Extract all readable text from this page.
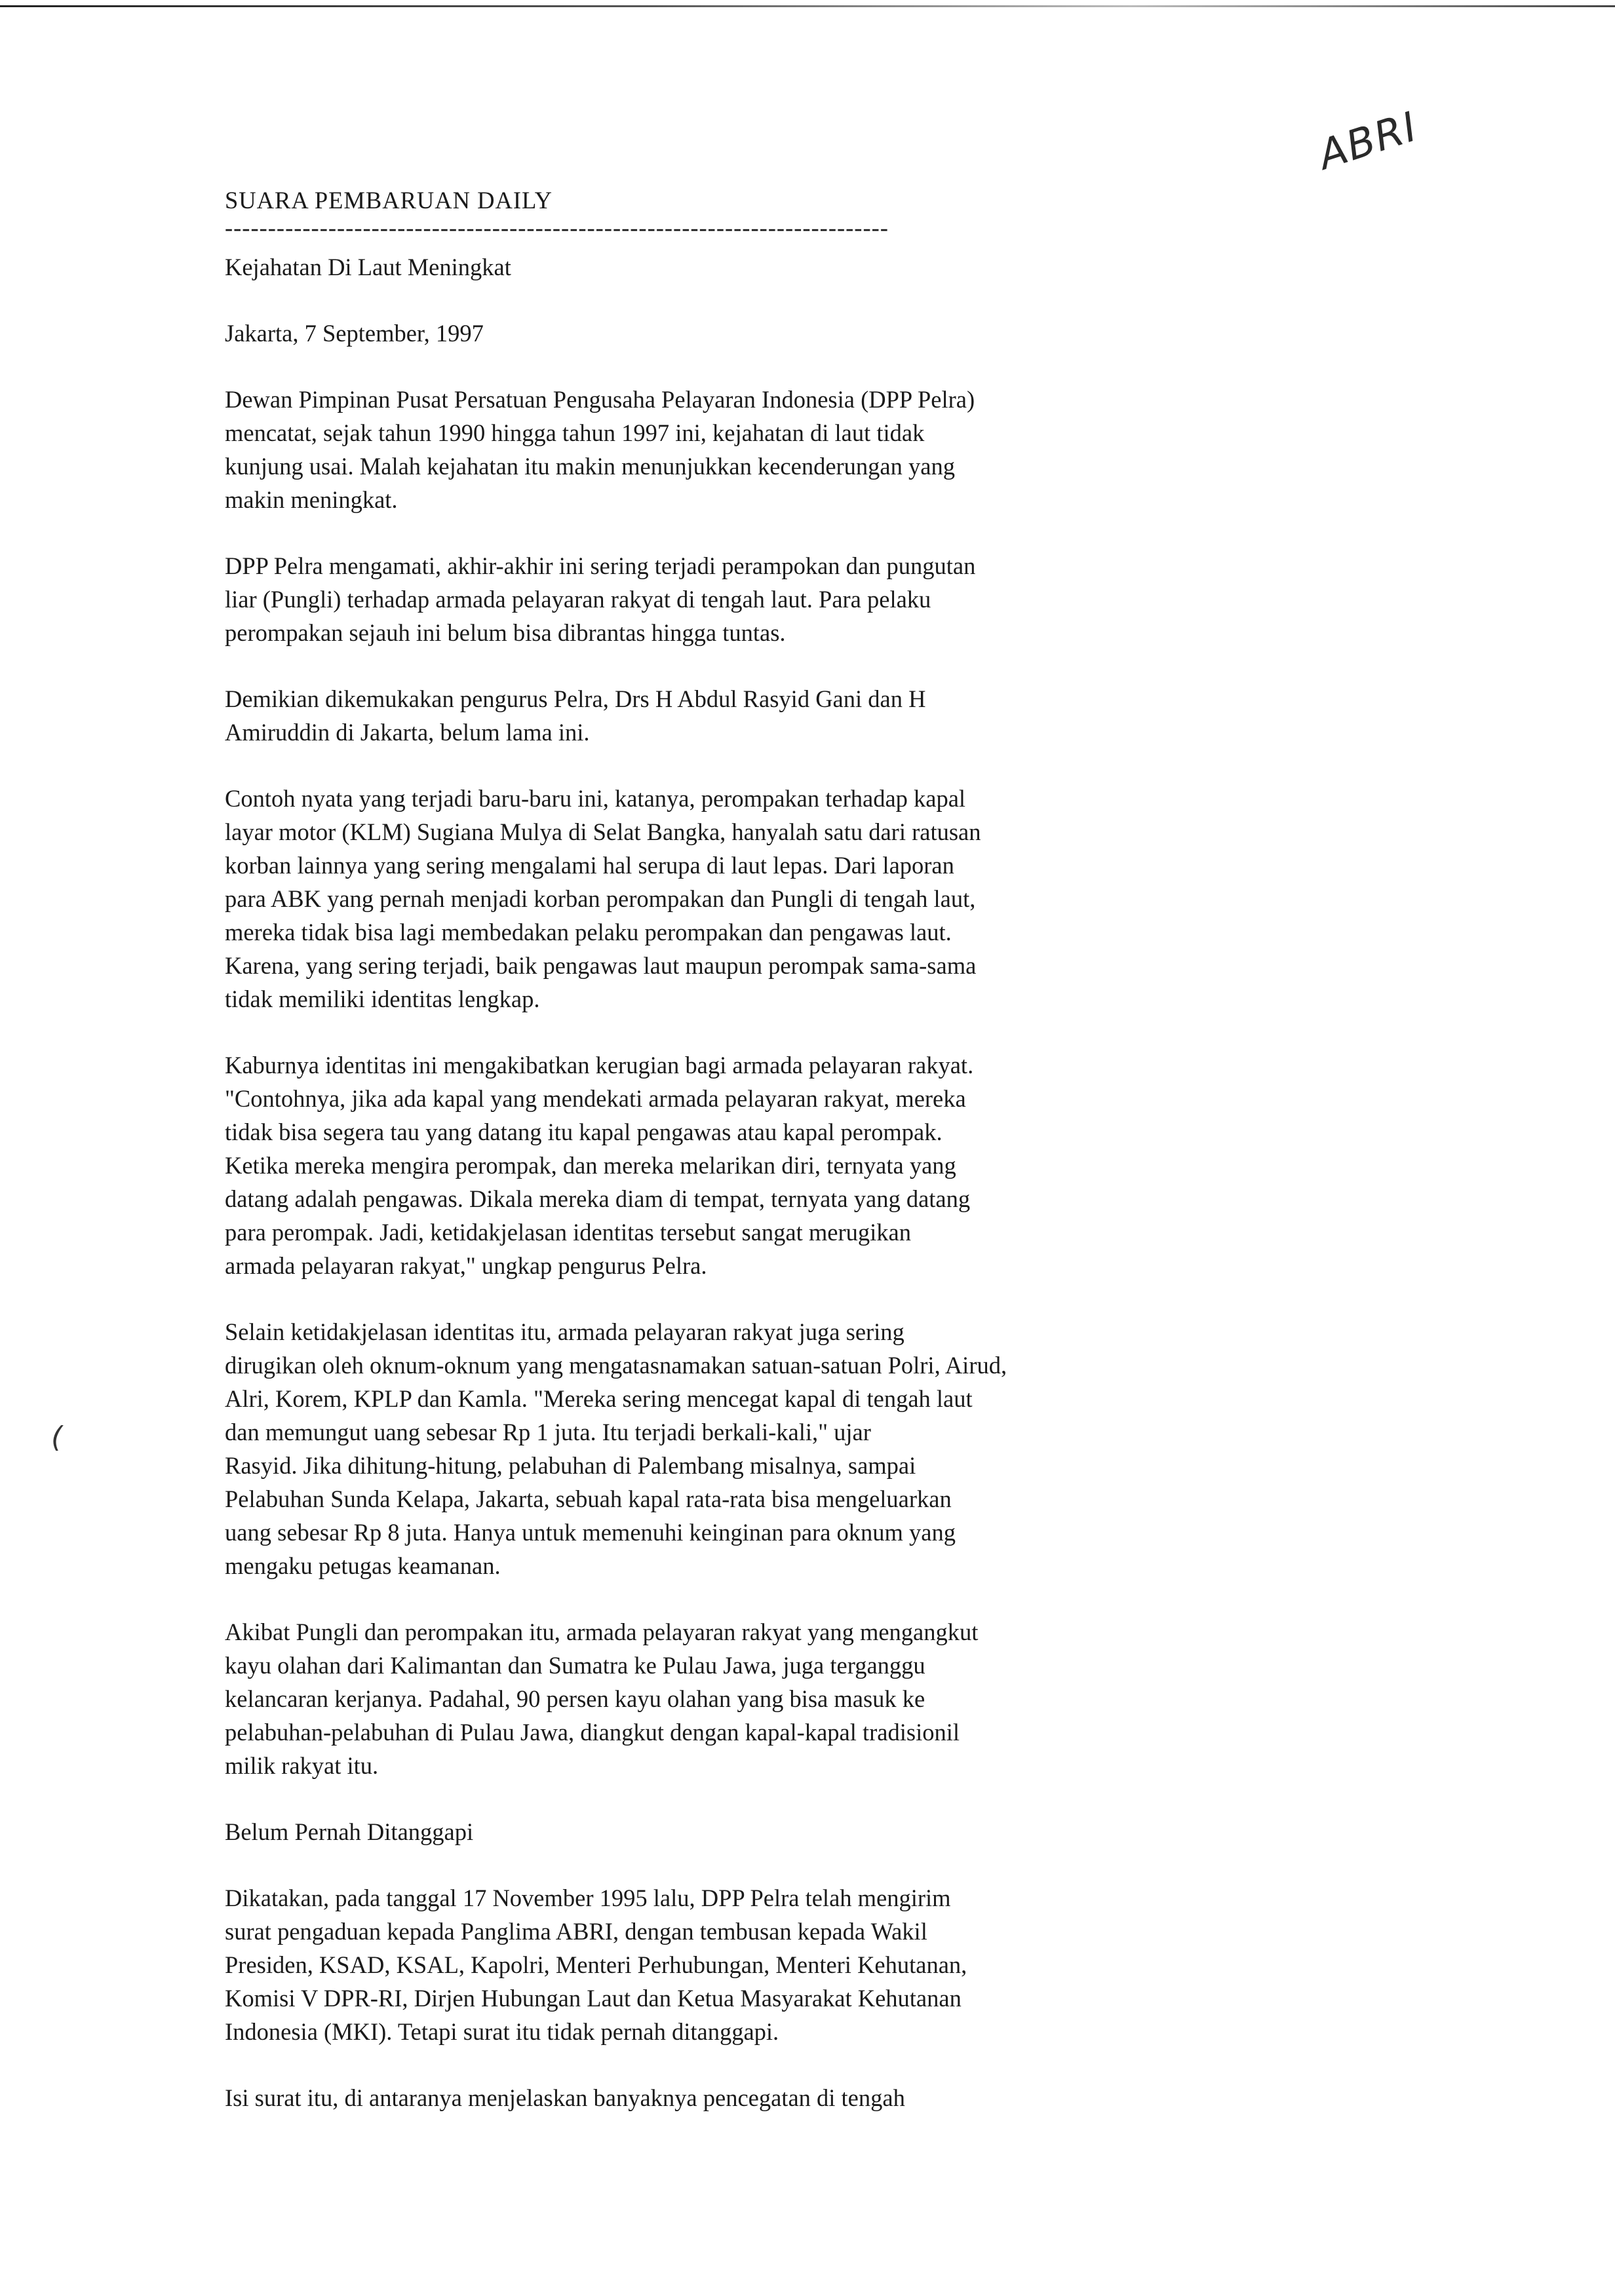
ABRI
(
SUARA PEMBARUAN DAILY
-----------------------------------------------------------------------------
Kejahatan Di Laut Meningkat
Jakarta, 7 September, 1997

Dewan Pimpinan Pusat Persatuan Pengusaha Pelayaran Indonesia (DPP Pelra)
mencatat, sejak tahun 1990 hingga tahun 1997 ini, kejahatan di laut tidak
kunjung usai. Malah kejahatan itu makin menunjukkan kecenderungan yang
makin meningkat.

DPP Pelra mengamati, akhir-akhir ini sering terjadi perampokan dan pungutan
liar (Pungli) terhadap armada pelayaran rakyat di tengah laut. Para pelaku
perompakan sejauh ini belum bisa dibrantas hingga tuntas.

Demikian dikemukakan pengurus Pelra, Drs H Abdul Rasyid Gani dan H
Amiruddin di Jakarta, belum lama ini.

Contoh nyata yang terjadi baru-baru ini, katanya, perompakan terhadap kapal
layar motor (KLM) Sugiana Mulya di Selat Bangka, hanyalah satu dari ratusan
korban lainnya yang sering mengalami hal serupa di laut lepas. Dari laporan
para ABK yang pernah menjadi korban perompakan dan Pungli di tengah laut,
mereka tidak bisa lagi membedakan pelaku perompakan dan pengawas laut.
Karena, yang sering terjadi, baik pengawas laut maupun perompak sama-sama
tidak memiliki identitas lengkap.

Kaburnya identitas ini mengakibatkan kerugian bagi armada pelayaran rakyat.
"Contohnya, jika ada kapal yang mendekati armada pelayaran rakyat, mereka
tidak bisa segera tau yang datang itu kapal pengawas atau kapal perompak.
Ketika mereka mengira perompak, dan mereka melarikan diri, ternyata yang
datang adalah pengawas. Dikala mereka diam di tempat, ternyata yang datang
para perompak. Jadi, ketidakjelasan identitas tersebut sangat merugikan
armada pelayaran rakyat," ungkap pengurus Pelra.

Selain ketidakjelasan identitas itu, armada pelayaran rakyat juga sering
dirugikan oleh oknum-oknum yang mengatasnamakan satuan-satuan Polri, Airud,
Alri, Korem, KPLP dan Kamla. "Mereka sering mencegat kapal di tengah laut
dan memungut uang sebesar Rp 1 juta. Itu terjadi berkali-kali," ujar
Rasyid. Jika dihitung-hitung, pelabuhan di Palembang misalnya, sampai
Pelabuhan Sunda Kelapa, Jakarta, sebuah kapal rata-rata bisa mengeluarkan
uang sebesar Rp 8 juta. Hanya untuk memenuhi keinginan para oknum yang
mengaku petugas keamanan.

Akibat Pungli dan perompakan itu, armada pelayaran rakyat yang mengangkut
kayu olahan dari Kalimantan dan Sumatra ke Pulau Jawa, juga terganggu
kelancaran kerjanya. Padahal, 90 persen kayu olahan yang bisa masuk ke
pelabuhan-pelabuhan di Pulau Jawa, diangkut dengan kapal-kapal tradisionil
milik rakyat itu.

Belum Pernah Ditanggapi

Dikatakan, pada tanggal 17 November 1995 lalu, DPP Pelra telah mengirim
surat pengaduan kepada Panglima ABRI, dengan tembusan kepada Wakil
Presiden, KSAD, KSAL, Kapolri, Menteri Perhubungan, Menteri Kehutanan,
Komisi V DPR-RI, Dirjen Hubungan Laut dan Ketua Masyarakat Kehutanan
Indonesia (MKI). Tetapi surat itu tidak pernah ditanggapi.

Isi surat itu, di antaranya menjelaskan banyaknya pencegatan di tengah
